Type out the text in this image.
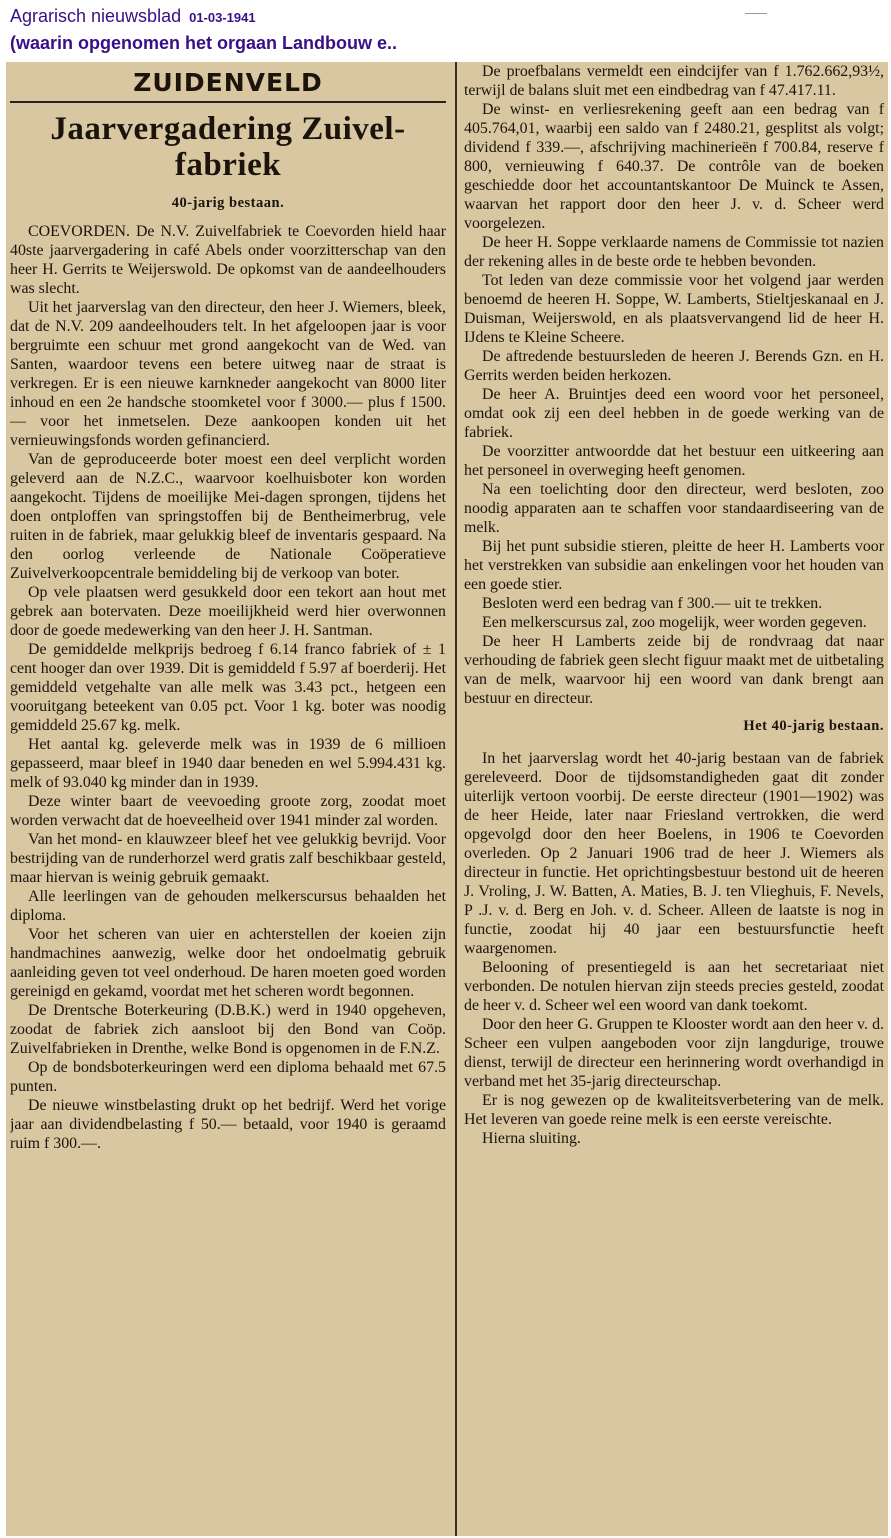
Agrarisch nieuwsblad 01-03-1941
(waarin opgenomen het orgaan Landbouw e..
ZUIDENVELD
Jaarvergadering Zuivel-
fabriek
40-jarig bestaan.

COEVORDEN. De N.V. Zuivelfabriek te Coevorden hield haar 40ste jaarvergadering in café Abels onder voorzitterschap van den heer H. Gerrits te Weijerswold. De opkomst van de aandeelhouders was slecht.

Uit het jaarverslag van den directeur, den heer J. Wiemers, bleek, dat de N.V. 209 aandeelhouders telt. In het afgeloopen jaar is voor bergruimte een schuur met grond aangekocht van de Wed. van Santen, waardoor tevens een betere uitweg naar de straat is verkregen. Er is een nieuwe karnkneder aangekocht van 8000 liter inhoud en een 2e handsche stoomketel voor f 3000.— plus f 1500.— voor het inmetselen. Deze aankoopen konden uit het vernieuwingsfonds worden gefinancierd.

Van de geproduceerde boter moest een deel verplicht worden geleverd aan de N.Z.C., waarvoor koelhuisboter kon worden aangekocht. Tijdens de moeilijke Mei-dagen sprongen, tijdens het doen ontploffen van springstoffen bij de Bentheimerbrug, vele ruiten in de fabriek, maar gelukkig bleef de inventaris gespaard. Na den oorlog verleende de Nationale Coöperatieve Zuivelverkoopcentrale bemiddeling bij de verkoop van boter.

Op vele plaatsen werd gesukkeld door een tekort aan hout met gebrek aan botervaten. Deze moeilijkheid werd hier overwonnen door de goede medewerking van den heer J. H. Santman.

De gemiddelde melkprijs bedroeg f 6.14 franco fabriek of ± 1 cent hooger dan over 1939. Dit is gemiddeld f 5.97 af boerderij. Het gemiddeld vetgehalte van alle melk was 3.43 pct., hetgeen een vooruitgang beteekent van 0.05 pct. Voor 1 kg. boter was noodig gemiddeld 25.67 kg. melk.

Het aantal kg. geleverde melk was in 1939 de 6 millioen gepasseerd, maar bleef in 1940 daar beneden en wel 5.994.431 kg. melk of 93.040 kg minder dan in 1939.

Deze winter baart de veevoeding groote zorg, zoodat moet worden verwacht dat de hoeveelheid over 1941 minder zal worden.

Van het mond- en klauwzeer bleef het vee gelukkig bevrijd. Voor bestrijding van de runderhorzel werd gratis zalf beschikbaar gesteld, maar hiervan is weinig gebruik gemaakt.

Alle leerlingen van de gehouden melkerscursus behaalden het diploma.

Voor het scheren van uier en achterstellen der koeien zijn handmachines aanwezig, welke door het ondoelmatig gebruik aanleiding geven tot veel onderhoud. De haren moeten goed worden gereinigd en gekamd, voordat met het scheren wordt begonnen.

De Drentsche Boterkeuring (D.B.K.) werd in 1940 opgeheven, zoodat de fabriek zich aansloot bij den Bond van Coöp. Zuivelfabrieken in Drenthe, welke Bond is opgenomen in de F.N.Z.

Op de bondsboterkeuringen werd een diploma behaald met 67.5 punten.

De nieuwe winstbelasting drukt op het bedrijf. Werd het vorige jaar aan dividendbelasting f 50.— betaald, voor 1940 is geraamd ruim f 300.—.

De proefbalans vermeldt een eindcijfer van f 1.762.662,93½, terwijl de balans sluit met een eindbedrag van f 47.417.11.

De winst- en verliesrekening geeft aan een bedrag van f 405.764,01, waarbij een saldo van f 2480.21, gesplitst als volgt; dividend f 339.—, afschrijving machinerieën f 700.84, reserve f 800, vernieuwing f 640.37. De contrôle van de boeken geschiedde door het accountantskantoor De Muinck te Assen, waarvan het rapport door den heer J. v. d. Scheer werd voorgelezen.

De heer H. Soppe verklaarde namens de Commissie tot nazien der rekening alles in de beste orde te hebben bevonden.

Tot leden van deze commissie voor het volgend jaar werden benoemd de heeren H. Soppe, W. Lamberts, Stieltjeskanaal en J. Duisman, Weijerswold, en als plaatsvervangend lid de heer H. IJdens te Kleine Scheere.

De aftredende bestuursleden de heeren J. Berends Gzn. en H. Gerrits werden beiden herkozen.

De heer A. Bruintjes deed een woord voor het personeel, omdat ook zij een deel hebben in de goede werking van de fabriek.

De voorzitter antwoordde dat het bestuur een uitkeering aan het personeel in overweging heeft genomen.

Na een toelichting door den directeur, werd besloten, zoo noodig apparaten aan te schaffen voor standaardiseering van de melk.

Bij het punt subsidie stieren, pleitte de heer H. Lamberts voor het verstrekken van subsidie aan enkelingen voor het houden van een goede stier.

Besloten werd een bedrag van f 300.— uit te trekken.

Een melkerscursus zal, zoo mogelijk, weer worden gegeven.

De heer H Lamberts zeide bij de rondvraag dat naar verhouding de fabriek geen slecht figuur maakt met de uitbetaling van de melk, waarvoor hij een woord van dank brengt aan bestuur en directeur.

Het 40-jarig bestaan.

In het jaarverslag wordt het 40-jarig bestaan van de fabriek gereleveerd. Door de tijdsomstandigheden gaat dit zonder uiterlijk vertoon voorbij. De eerste directeur (1901—1902) was de heer Heide, later naar Friesland vertrokken, die werd opgevolgd door den heer Boelens, in 1906 te Coevorden overleden. Op 2 Januari 1906 trad de heer J. Wiemers als directeur in functie. Het oprichtingsbestuur bestond uit de heeren J. Vroling, J. W. Batten, A. Maties, B. J. ten Vlieghuis, F. Nevels, P .J. v. d. Berg en Joh. v. d. Scheer. Alleen de laatste is nog in functie, zoodat hij 40 jaar een bestuursfunctie heeft waargenomen.

Belooning of presentiegeld is aan het secretariaat niet verbonden. De notulen hiervan zijn steeds precies gesteld, zoodat de heer v. d. Scheer wel een woord van dank toekomt.

Door den heer G. Gruppen te Klooster wordt aan den heer v. d. Scheer een vulpen aangeboden voor zijn langdurige, trouwe dienst, terwijl de directeur een herinnering wordt overhandigd in verband met het 35-jarig directeurschap.

Er is nog gewezen op de kwaliteitsverbetering van de melk. Het leveren van goede reine melk is een eerste vereischte.

Hierna sluiting.
